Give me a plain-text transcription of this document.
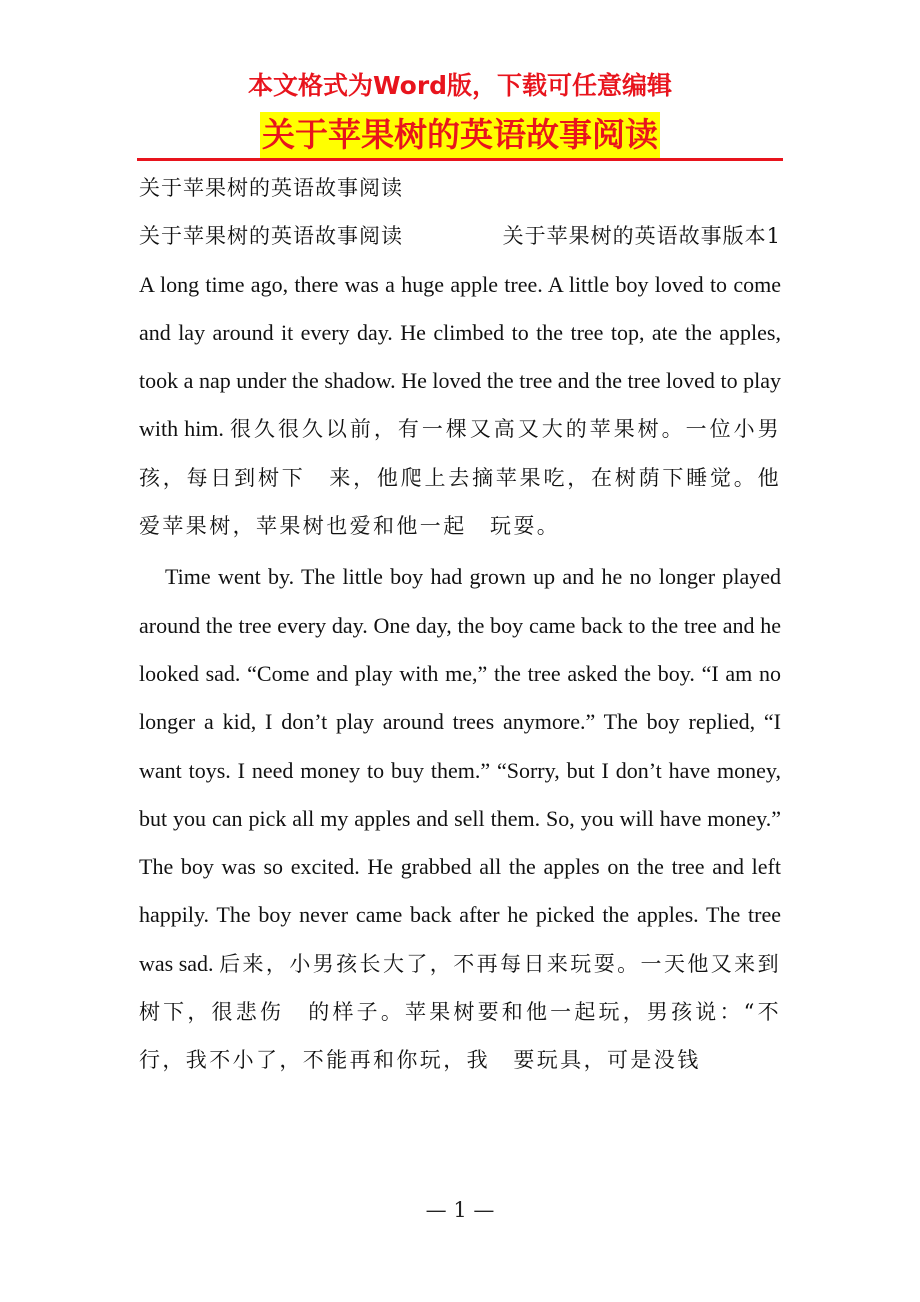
本文格式为Word版，下载可任意编辑
关于苹果树的英语故事阅读

关于苹果树的英语故事阅读

关于苹果树的英语故事阅读	关于苹果树的英语故事版本1

A long time ago, there was a huge apple tree. A little boy loved to come and lay around it every day. He climbed to the tree top, ate the apples, took a nap under the shadow. He loved the tree and the tree loved to play with him. 很久很久以前，有一棵又高又大的苹果树。一位小男孩，每日到树下　来，他爬上去摘苹果吃，在树荫下睡觉。他爱苹果树，苹果树也爱和他一起　玩耍。

Time went by. The little boy had grown up and he no longer played around the tree every day. One day, the boy came back to the tree and he looked sad. “Come and play with me,” the tree asked the boy. “I am no longer a kid, I don’t play around trees anymore.” The boy replied, “I want toys. I need money to buy them.” “Sorry, but I don’t have money, but you can pick all my apples and sell them. So, you will have money.” The boy was so excited. He grabbed all the apples on the tree and left happily. The boy never came back after he picked the apples. The tree was sad. 后来，小男孩长大了，不再每日来玩耍。一天他又来到树下，很悲伤　的样子。苹果树要和他一起玩，男孩说：“不行，我不小了，不能再和你玩，我　要玩具，可是没钱

— 1 —
